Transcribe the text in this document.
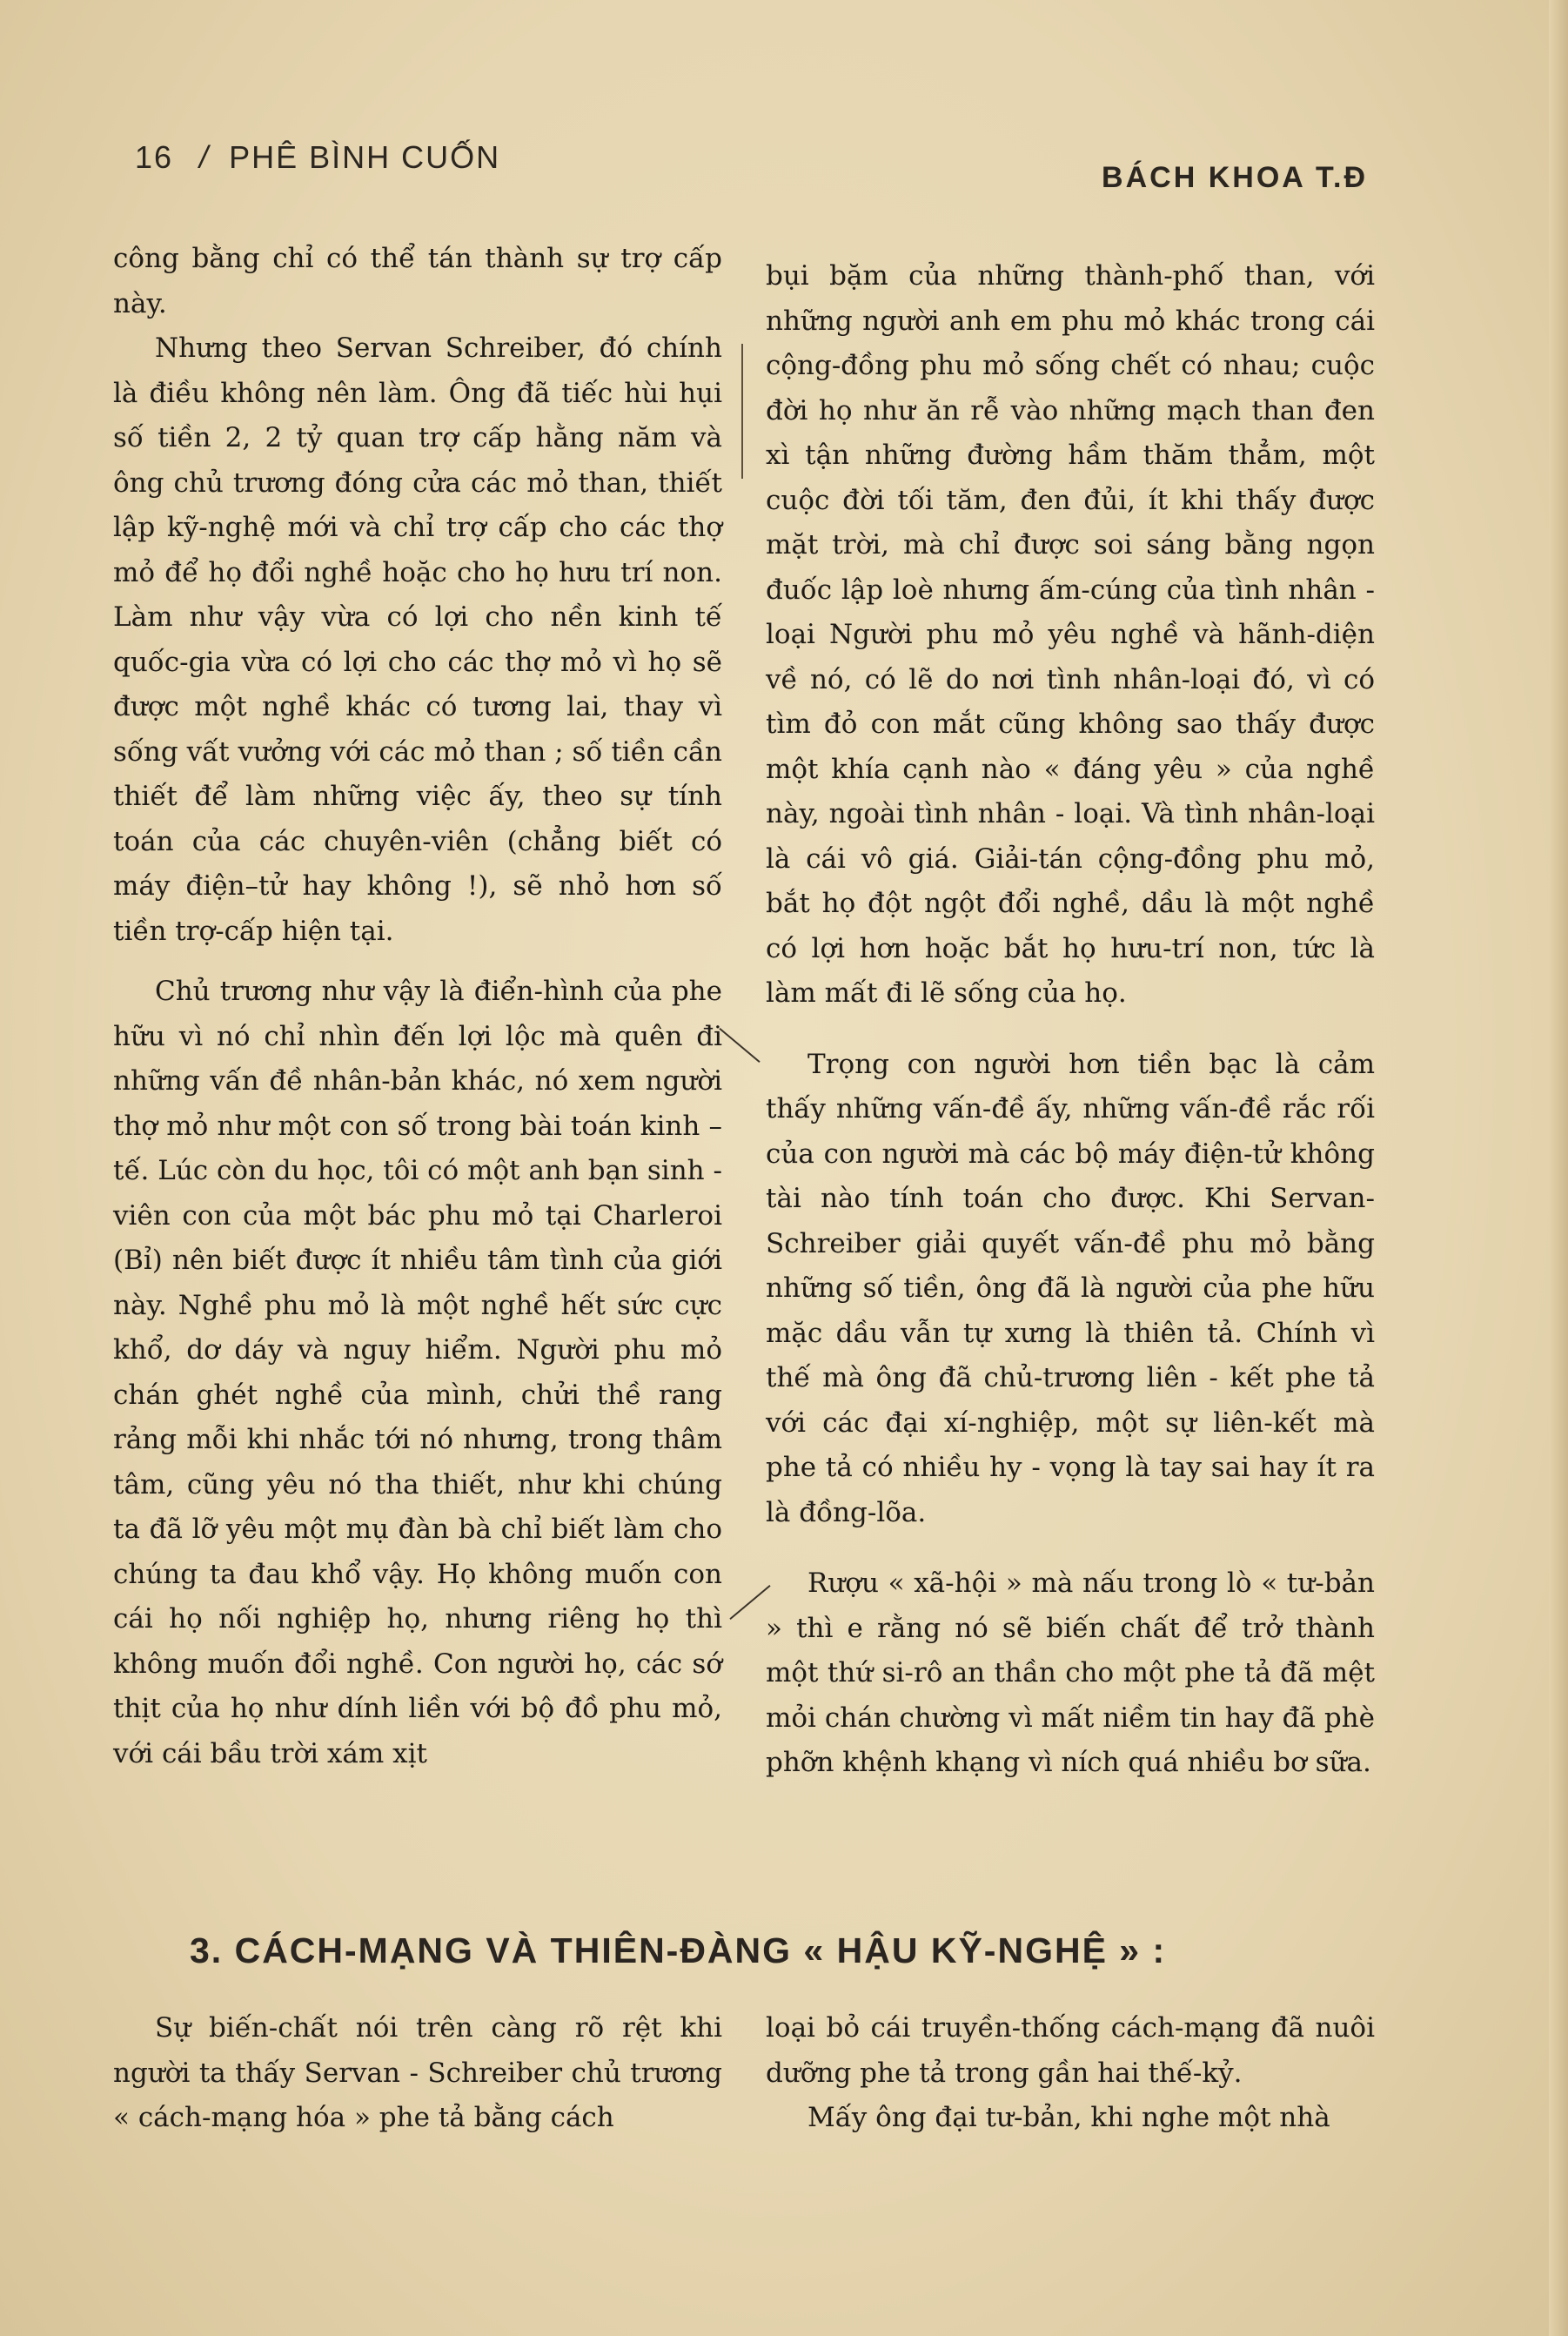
16 / PHÊ BÌNH CUỐN
BÁCH KHOA T.Đ

công bằng chỉ có thể tán thành sự trợ cấp này.

Nhưng theo Servan Schreiber, đó chính là điều không nên làm. Ông đã tiếc hùi hụi số tiền 2, 2 tỷ quan trợ cấp hằng năm và ông chủ trương đóng cửa các mỏ than, thiết lập kỹ-nghệ mới và chỉ trợ cấp cho các thợ mỏ để họ đổi nghề hoặc cho họ hưu trí non. Làm như vậy vừa có lợi cho nền kinh tế quốc-gia vừa có lợi cho các thợ mỏ vì họ sẽ được một nghề khác có tương lai, thay vì sống vất vưởng với các mỏ than ; số tiền cần thiết để làm những việc ấy, theo sự tính toán của các chuyên-viên (chẳng biết có máy điện–tử hay không !), sẽ nhỏ hơn số tiền trợ-cấp hiện tại.

Chủ trương như vậy là điển-hình của phe hữu vì nó chỉ nhìn đến lợi lộc mà quên đi những vấn đề nhân-bản khác, nó xem người thợ mỏ như một con số trong bài toán kinh – tế. Lúc còn du học, tôi có một anh bạn sinh - viên con của một bác phu mỏ tại Charleroi (Bỉ) nên biết được ít nhiều tâm tình của giới này. Nghề phu mỏ là một nghề hết sức cực khổ, dơ dáy và nguy hiểm. Người phu mỏ chán ghét nghề của mình, chửi thề rang rảng mỗi khi nhắc tới nó nhưng, trong thâm tâm, cũng yêu nó tha thiết, như khi chúng ta đã lỡ yêu một mụ đàn bà chỉ biết làm cho chúng ta đau khổ vậy. Họ không muốn con cái họ nối nghiệp họ, nhưng riêng họ thì không muốn đổi nghề. Con người họ, các sớ thịt của họ như dính liền với bộ đồ phu mỏ, với cái bầu trời xám xịt

bụi bặm của những thành-phố than, với những người anh em phu mỏ khác trong cái cộng-đồng phu mỏ sống chết có nhau; cuộc đời họ như ăn rễ vào những mạch than đen xì tận những đường hầm thăm thẳm, một cuộc đời tối tăm, đen đủi, ít khi thấy được mặt trời, mà chỉ được soi sáng bằng ngọn đuốc lập loè nhưng ấm-cúng của tình nhân - loại Người phu mỏ yêu nghề và hãnh-diện về nó, có lẽ do nơi tình nhân-loại đó, vì có tìm đỏ con mắt cũng không sao thấy được một khía cạnh nào « đáng yêu » của nghề này, ngoài tình nhân - loại. Và tình nhân-loại là cái vô giá. Giải-tán cộng-đồng phu mỏ, bắt họ đột ngột đổi nghề, dầu là một nghề có lợi hơn hoặc bắt họ hưu-trí non, tức là làm mất đi lẽ sống của họ.

Trọng con người hơn tiền bạc là cảm thấy những vấn-đề ấy, những vấn-đề rắc rối của con người mà các bộ máy điện-tử không tài nào tính toán cho được. Khi Servan-Schreiber giải quyết vấn-đề phu mỏ bằng những số tiền, ông đã là người của phe hữu mặc dầu vẫn tự xưng là thiên tả. Chính vì thế mà ông đã chủ-trương liên - kết phe tả với các đại xí-nghiệp, một sự liên-kết mà phe tả có nhiều hy - vọng là tay sai hay ít ra là đồng-lõa.

Rượu « xã-hội » mà nấu trong lò « tư-bản » thì e rằng nó sẽ biến chất để trở thành một thứ si-rô an thần cho một phe tả đã mệt mỏi chán chường vì mất niềm tin hay đã phè phỡn khệnh khạng vì ních quá nhiều bơ sữa.

3. CÁCH-MẠNG VÀ THIÊN-ĐÀNG « HẬU KỸ-NGHỆ » :

Sự biến-chất nói trên càng rõ rệt khi người ta thấy Servan - Schreiber chủ trương « cách-mạng hóa » phe tả bằng cách

loại bỏ cái truyền-thống cách-mạng đã nuôi dưỡng phe tả trong gần hai thế-kỷ.

Mấy ông đại tư-bản, khi nghe một nhà
